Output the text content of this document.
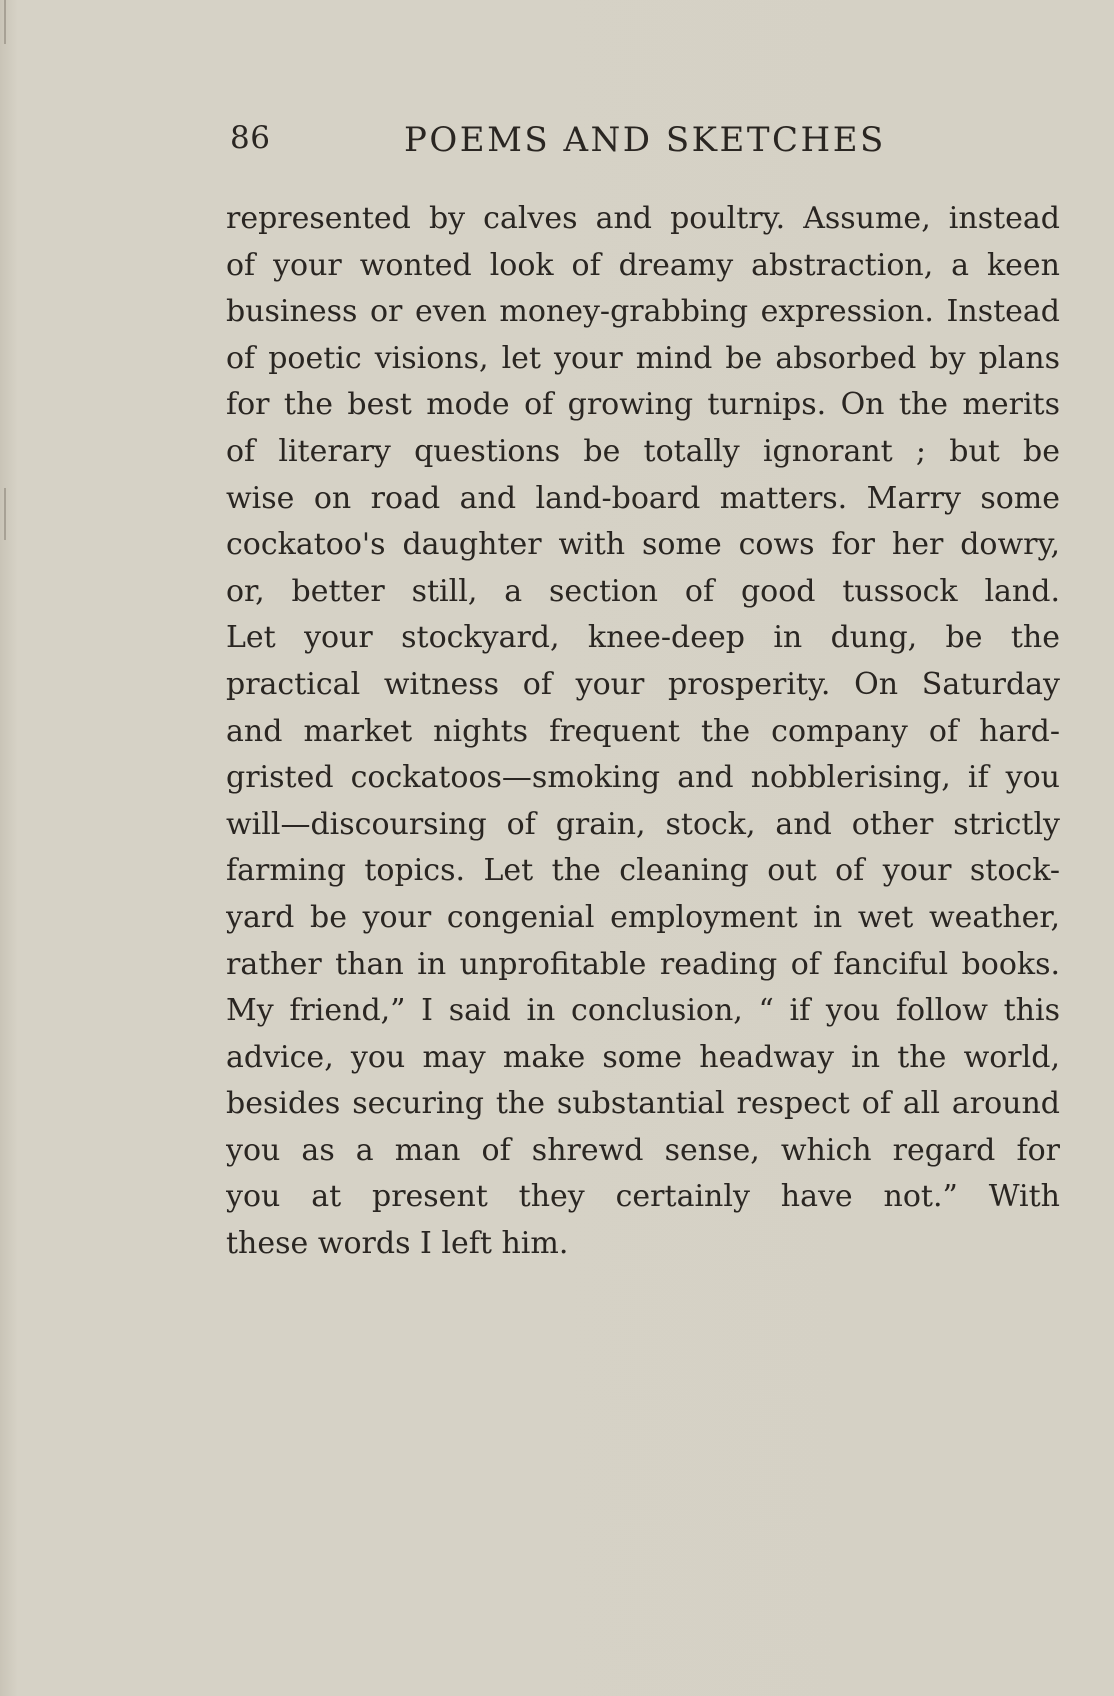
86	POEMS AND SKETCHES
represented by calves and poultry. Assume, instead
of your wonted look of dreamy abstraction, a keen
business or even money-grabbing expression. Instead
of poetic visions, let your mind be absorbed by plans
for the best mode of growing turnips. On the merits
of literary questions be totally ignorant ; but be
wise on road and land-board matters. Marry some
cockatoo's daughter with some cows for her dowry,
or, better still, a section of good tussock land.
Let your stockyard, knee-deep in dung, be the
practical witness of your prosperity. On Saturday
and market nights frequent the company of hard-
gristed cockatoos—smoking and nobblerising, if you
will—discoursing of grain, stock, and other strictly
farming topics. Let the cleaning out of your stock-
yard be your congenial employment in wet weather,
rather than in unprofitable reading of fanciful books.
My friend,” I said in conclusion, “ if you follow this
advice, you may make some headway in the world,
besides securing the substantial respect of all around
you as a man of shrewd sense, which regard for
you at present they certainly have not.” With
these words I left him.
